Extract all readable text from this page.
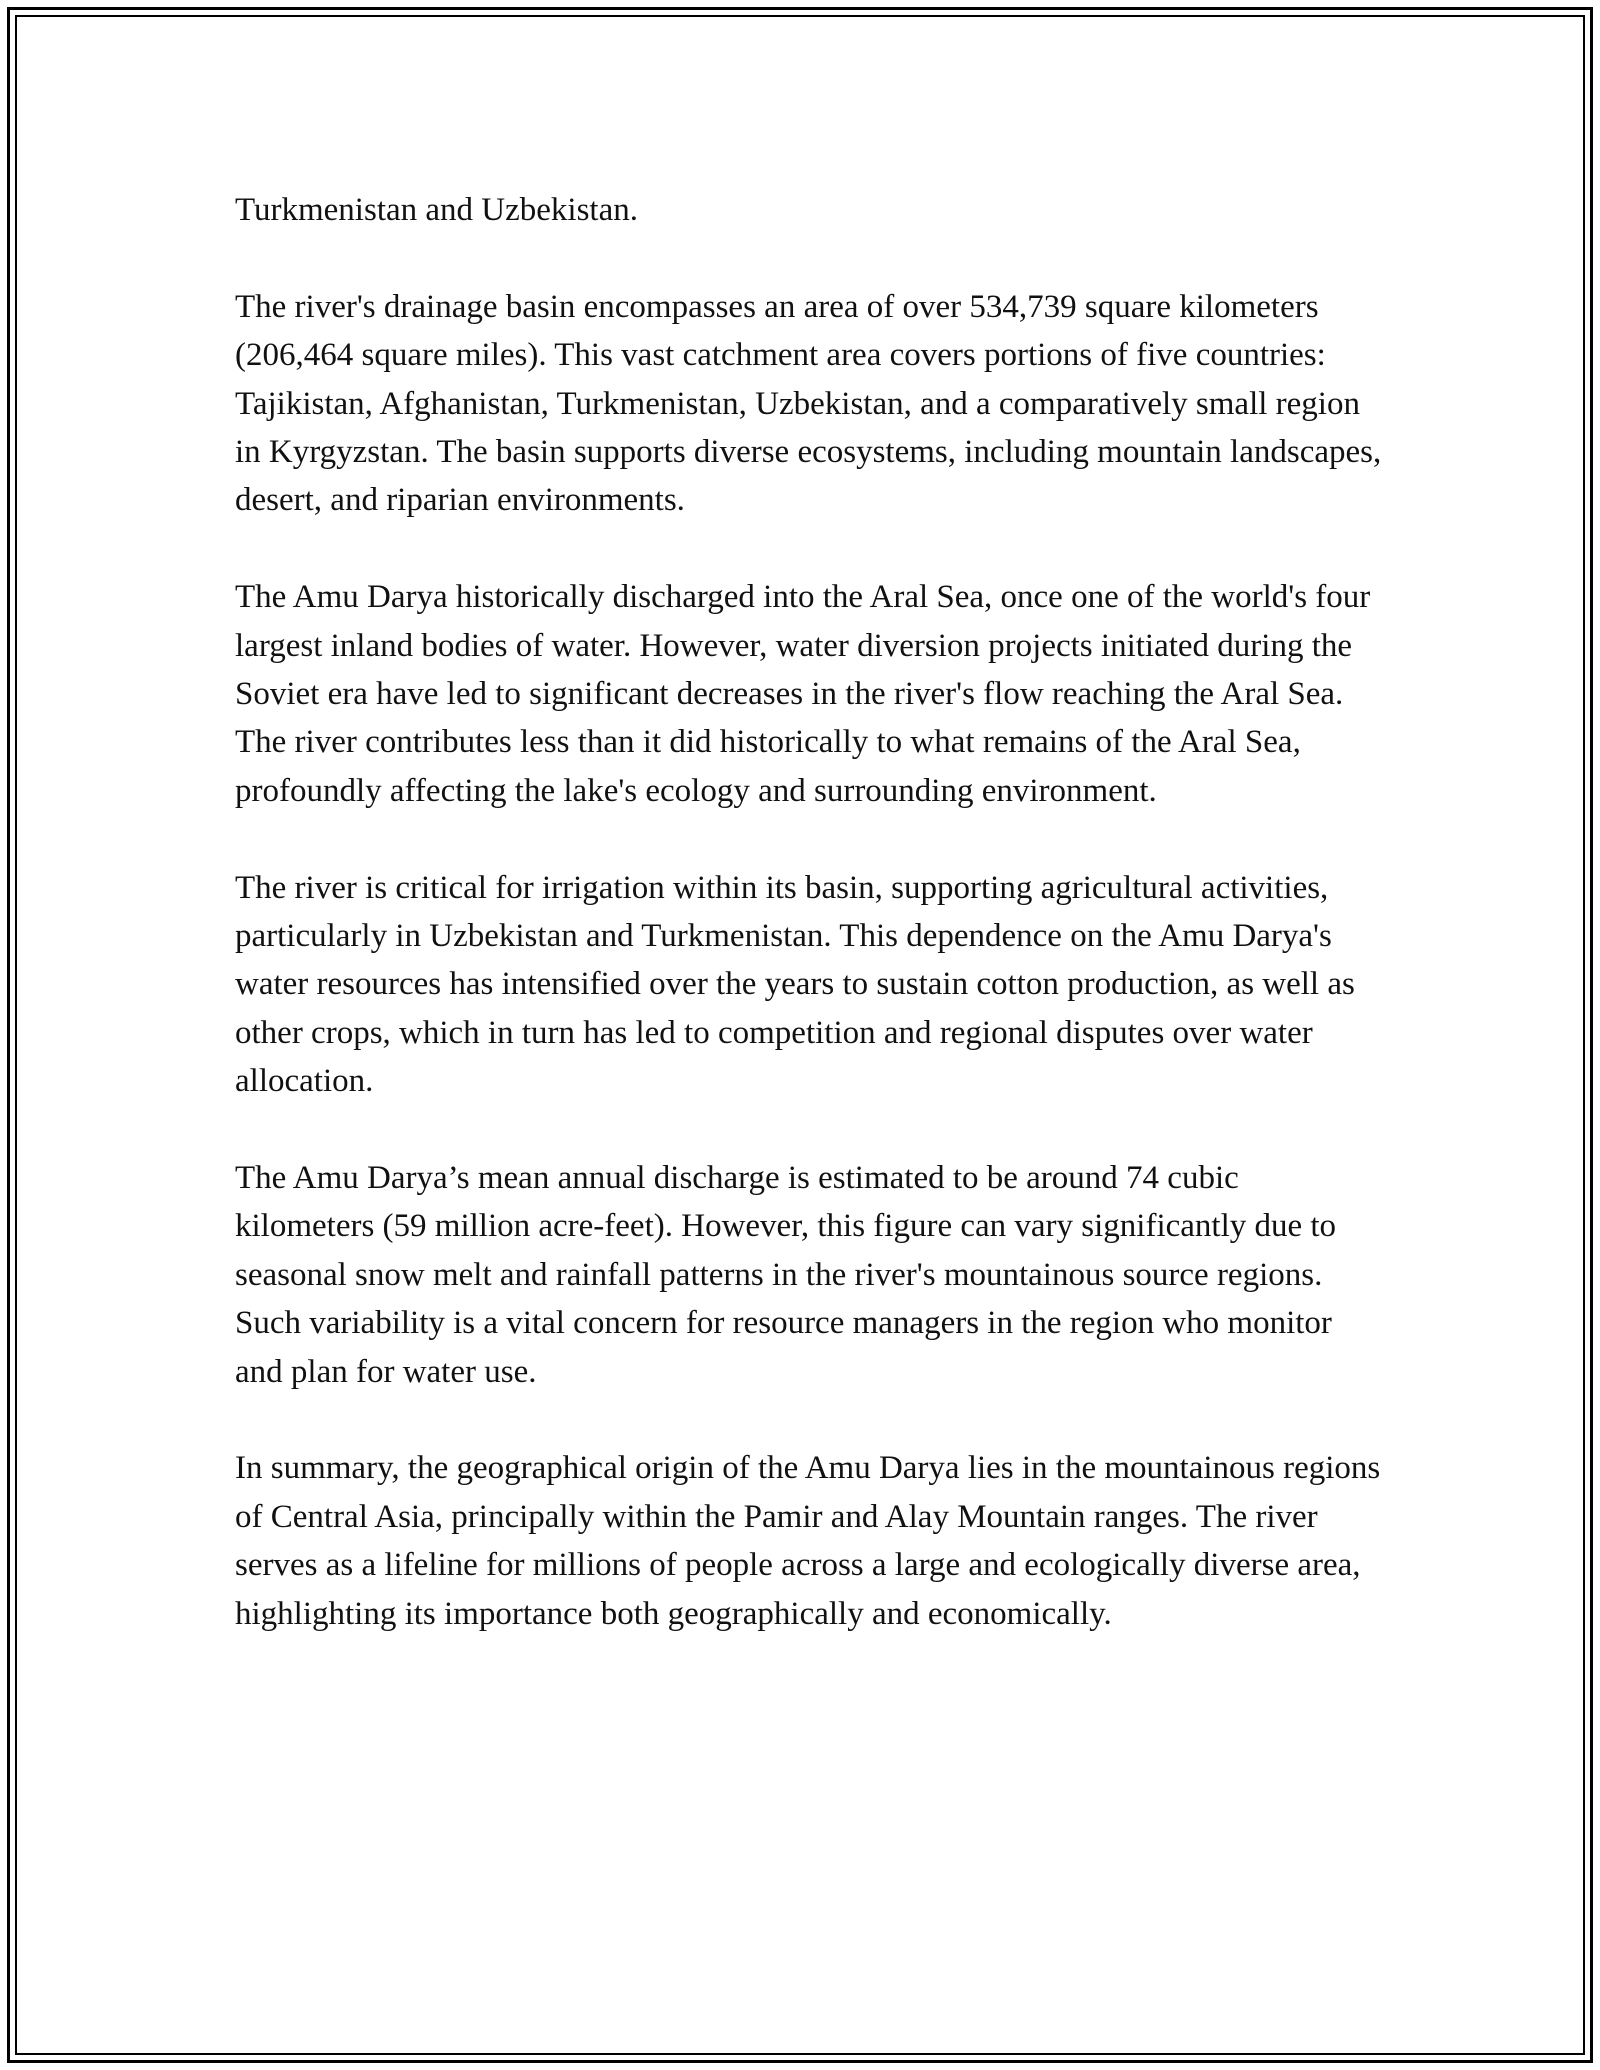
Turkmenistan and Uzbekistan.

The river's drainage basin encompasses an area of over 534,739 square kilometers (206,464 square miles). This vast catchment area covers portions of five countries: Tajikistan, Afghanistan, Turkmenistan, Uzbekistan, and a comparatively small region in Kyrgyzstan. The basin supports diverse ecosystems, including mountain landscapes, desert, and riparian environments.

The Amu Darya historically discharged into the Aral Sea, once one of the world's four largest inland bodies of water. However, water diversion projects initiated during the Soviet era have led to significant decreases in the river's flow reaching the Aral Sea. The river contributes less than it did historically to what remains of the Aral Sea, profoundly affecting the lake's ecology and surrounding environment.

The river is critical for irrigation within its basin, supporting agricultural activities, particularly in Uzbekistan and Turkmenistan. This dependence on the Amu Darya's water resources has intensified over the years to sustain cotton production, as well as other crops, which in turn has led to competition and regional disputes over water allocation.

The Amu Darya’s mean annual discharge is estimated to be around 74 cubic kilometers (59 million acre-feet). However, this figure can vary significantly due to seasonal snow melt and rainfall patterns in the river's mountainous source regions. Such variability is a vital concern for resource managers in the region who monitor and plan for water use.

In summary, the geographical origin of the Amu Darya lies in the mountainous regions of Central Asia, principally within the Pamir and Alay Mountain ranges. The river serves as a lifeline for millions of people across a large and ecologically diverse area, highlighting its importance both geographically and economically.
